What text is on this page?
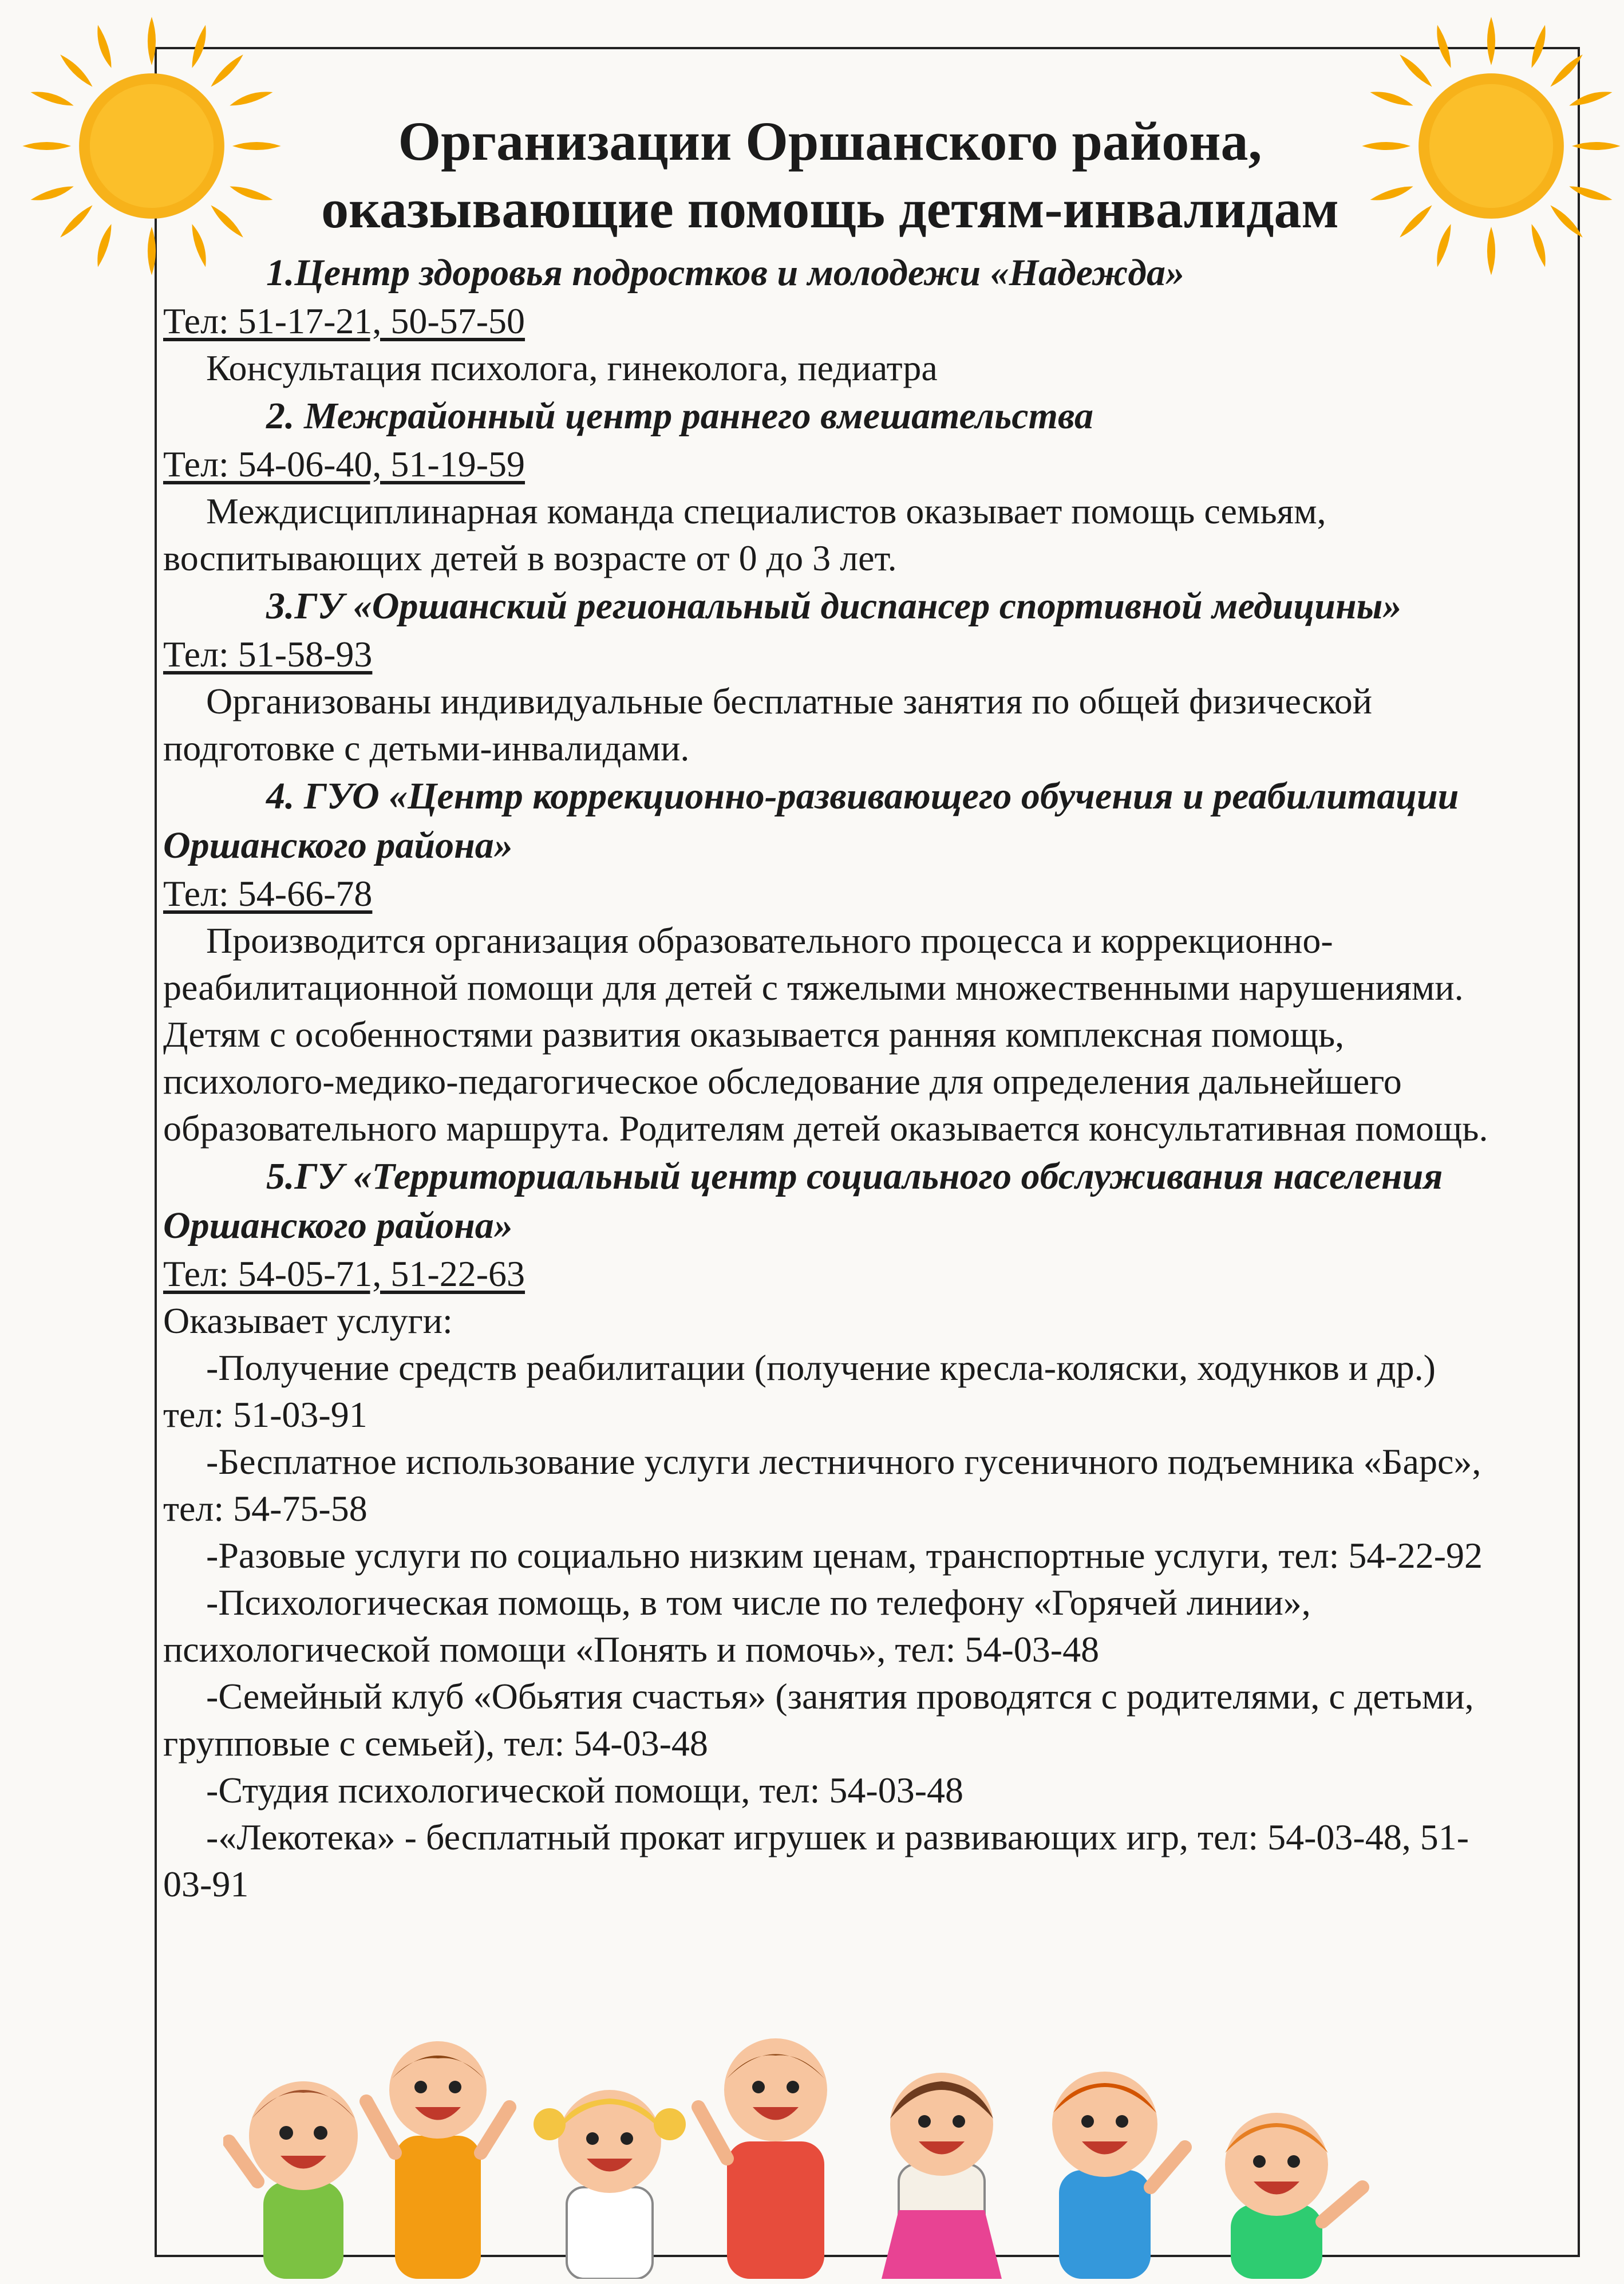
Организации Оршанского района,
оказывающие помощь детям-инвалидам

1.Центр здоровья подростков и молодежи «Надежда»

Тел: 51-17-21, 50-57-50

Консультация психолога, гинеколога, педиатра

2. Межрайонный центр раннего вмешательства

Тел: 54-06-40, 51-19-59

Междисциплинарная команда специалистов оказывает помощь семьям, воспитывающих детей в возрасте от 0 до 3 лет.

3.ГУ «Оршанский региональный диспансер спортивной медицины»

Тел: 51-58-93

Организованы индивидуальные бесплатные занятия по общей физической подготовке с детьми-инвалидами.

4. ГУО «Центр коррекционно-развивающего обучения и реабилитации Оршанского района»

Тел: 54-66-78

Производится организация образовательного процесса и коррекционно-реабилитационной помощи для детей с тяжелыми множественными нарушениями. Детям с особенностями развития оказывается ранняя комплексная помощь, психолого-медико-педагогическое обследование для определения дальнейшего образовательного маршрута. Родителям детей оказывается консультативная помощь.

5.ГУ «Территориальный центр социального обслуживания населения Оршанского района»

Тел: 54-05-71, 51-22-63

Оказывает услуги:

-Получение средств реабилитации (получение кресла-коляски, ходунков и др.) тел: 51-03-91

-Бесплатное использование услуги лестничного гусеничного подъемника «Барс», тел: 54-75-58

-Разовые услуги по социально низким ценам, транспортные услуги, тел: 54-22-92

-Психологическая помощь, в том числе по телефону «Горячей линии», психологической помощи «Понять и помочь», тел: 54-03-48

-Семейный клуб «Обьятия счастья» (занятия проводятся с родителями, с детьми, групповые с семьей), тел: 54-03-48

-Студия психологической помощи, тел: 54-03-48

-«Лекотека» - бесплатный прокат игрушек и развивающих игр, тел: 54-03-48, 51-03-91
